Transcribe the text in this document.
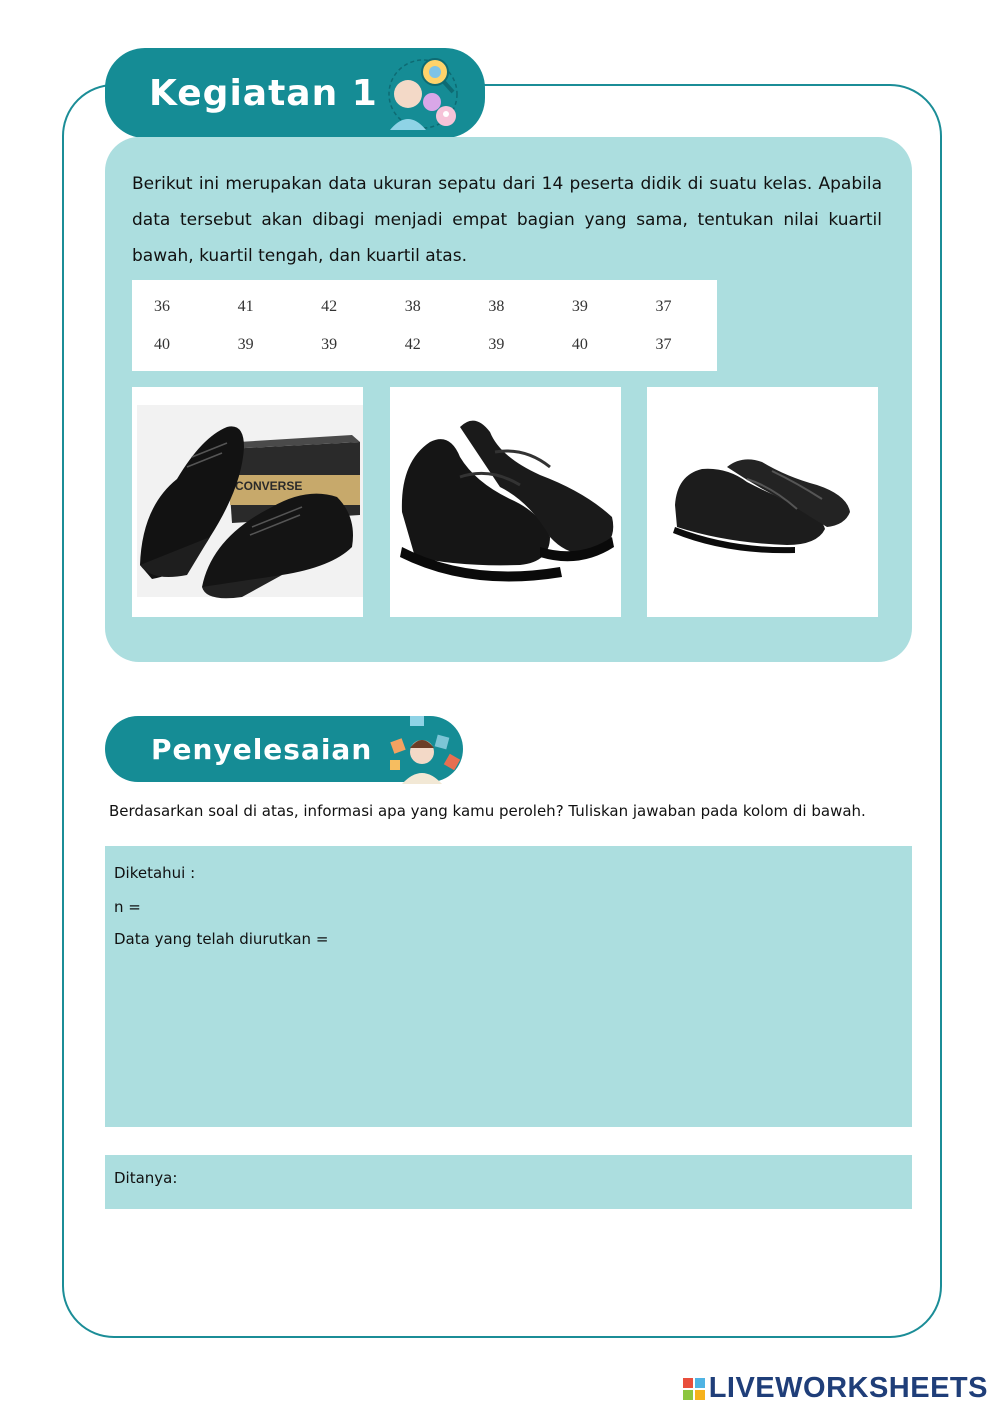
Kegiatan 1
Berikut ini merupakan data ukuran sepatu dari 14 peserta didik di suatu kelas. Apabila data tersebut akan dibagi menjadi empat bagian yang sama, tentukan nilai kuartil bawah, kuartil tengah, dan kuartil atas.
36	41	42	38	38	39	37
40	39	39	42	39	40	37
CONVERSE
Penyelesaian
Berdasarkan soal di atas, informasi apa yang kamu peroleh? Tuliskan jawaban pada kolom di bawah.
Diketahui :
n =
Data yang telah diurutkan =
Ditanya:
LIVEWORKSHEETS
